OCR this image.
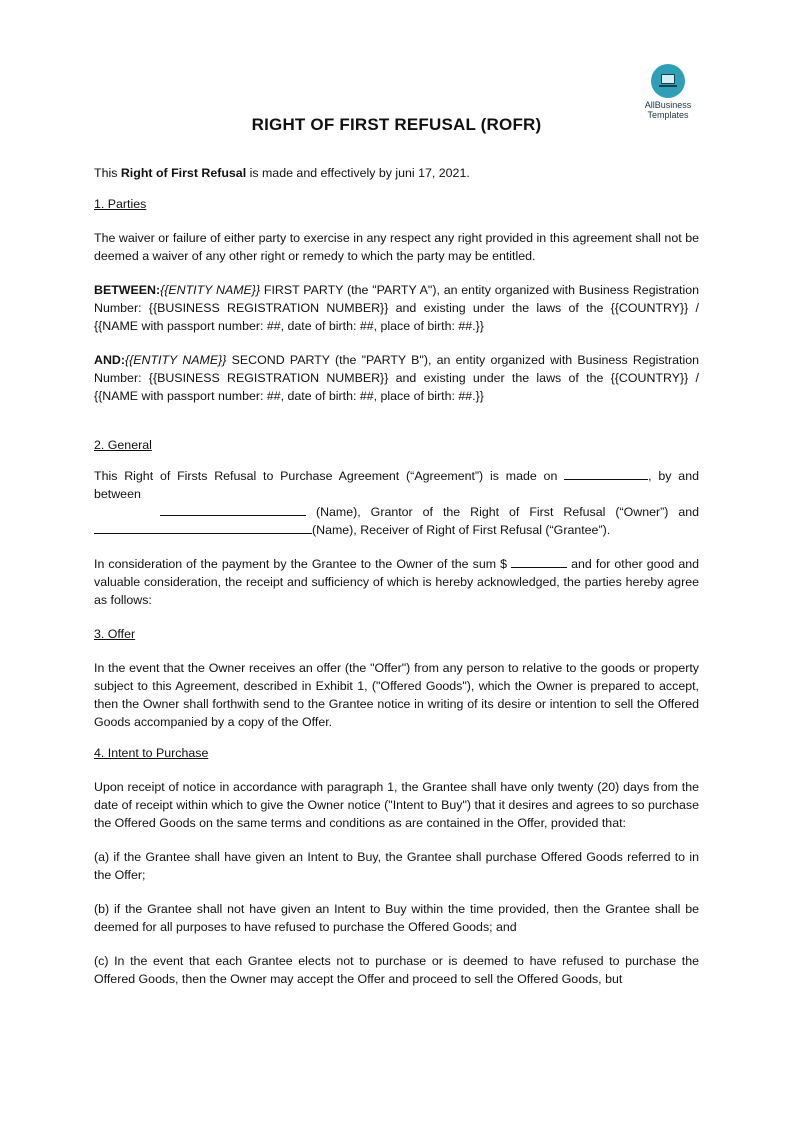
AllBusiness
Templates
RIGHT OF FIRST REFUSAL (ROFR)

This Right of First Refusal is made and effectively by juni 17, 2021.

1. Parties

The waiver or failure of either party to exercise in any respect any right provided in this agreement shall not be deemed a waiver of any other right or remedy to which the party may be entitled.

BETWEEN:{{ENTITY NAME}} FIRST PARTY (the "PARTY A"), an entity organized with Business Registration Number: {{BUSINESS REGISTRATION NUMBER}} and existing under the laws of the {{COUNTRY}} / {{NAME with passport number: ##, date of birth: ##, place of birth: ##.}}

AND:{{ENTITY NAME}} SECOND PARTY (the "PARTY B"), an entity organized with Business Registration Number: {{BUSINESS REGISTRATION NUMBER}} and existing under the laws of the {{COUNTRY}} / {{NAME with passport number: ##, date of birth: ##, place of birth: ##.}}

2. General

This Right of Firsts Refusal to Purchase Agreement (“Agreement”) is made on	, by and between

(Name), Grantor of the Right of First Refusal (“Owner”) and

(Name), Receiver of Right of First Refusal (“Grantee”).

In consideration of the payment by the Grantee to the Owner of the sum $	and for other good and valuable consideration, the receipt and sufficiency of which is hereby acknowledged, the parties hereby agree as follows:

3. Offer

In the event that the Owner receives an offer (the "Offer") from any person to relative to the goods or property subject to this Agreement, described in Exhibit 1, ("Offered Goods"), which the Owner is prepared to accept, then the Owner shall forthwith send to the Grantee notice in writing of its desire or intention to sell the Offered Goods accompanied by a copy of the Offer.

4. Intent to Purchase

Upon receipt of notice in accordance with paragraph 1, the Grantee shall have only twenty (20) days from the date of receipt within which to give the Owner notice ("Intent to Buy") that it desires and agrees to so purchase the Offered Goods on the same terms and conditions as are contained in the Offer, provided that:

(a) if the Grantee shall have given an Intent to Buy, the Grantee shall purchase Offered Goods referred to in the Offer;

(b) if the Grantee shall not have given an Intent to Buy within the time provided, then the Grantee shall be deemed for all purposes to have refused to purchase the Offered Goods; and

(c) In the event that each Grantee elects not to purchase or is deemed to have refused to purchase the Offered Goods, then the Owner may accept the Offer and proceed to sell the Offered Goods, but
